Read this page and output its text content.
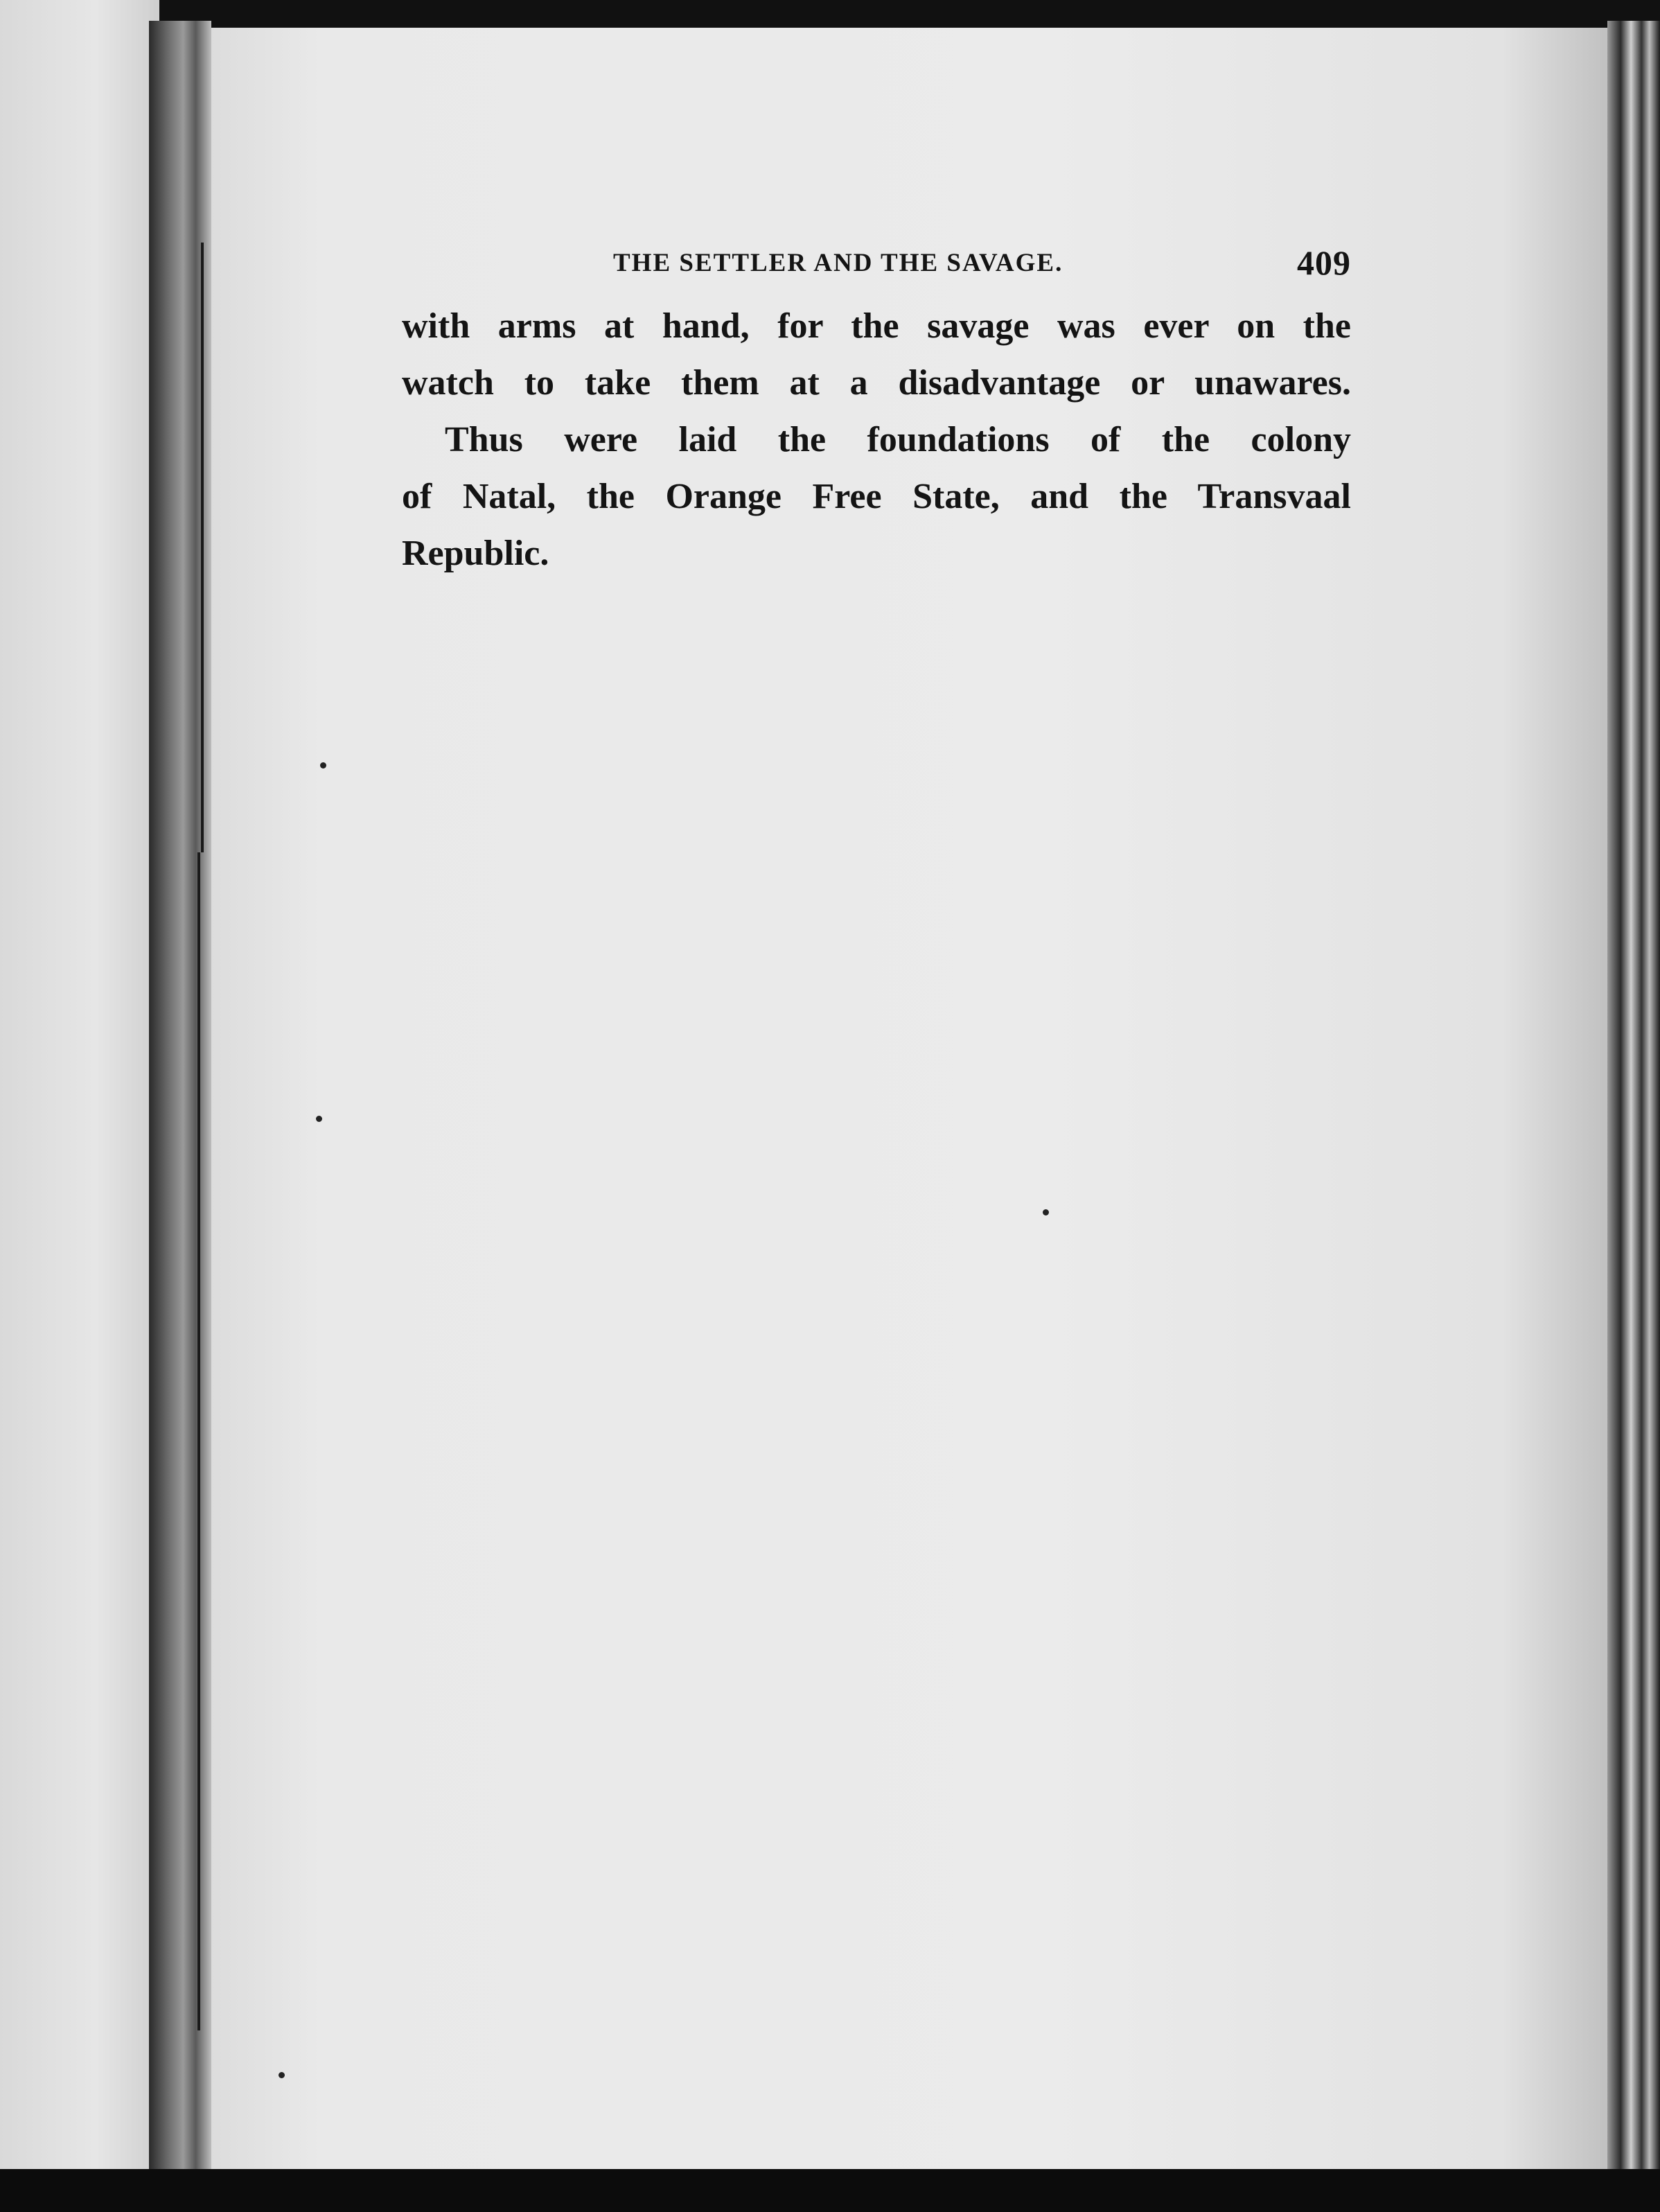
THE SETTLER AND THE SAVAGE.	409
with arms at hand, for the savage was ever on the
watch to take them at a disadvantage or unawares.
Thus were laid the foundations of the colony
of Natal, the Orange Free State, and the Transvaal
Republic.
